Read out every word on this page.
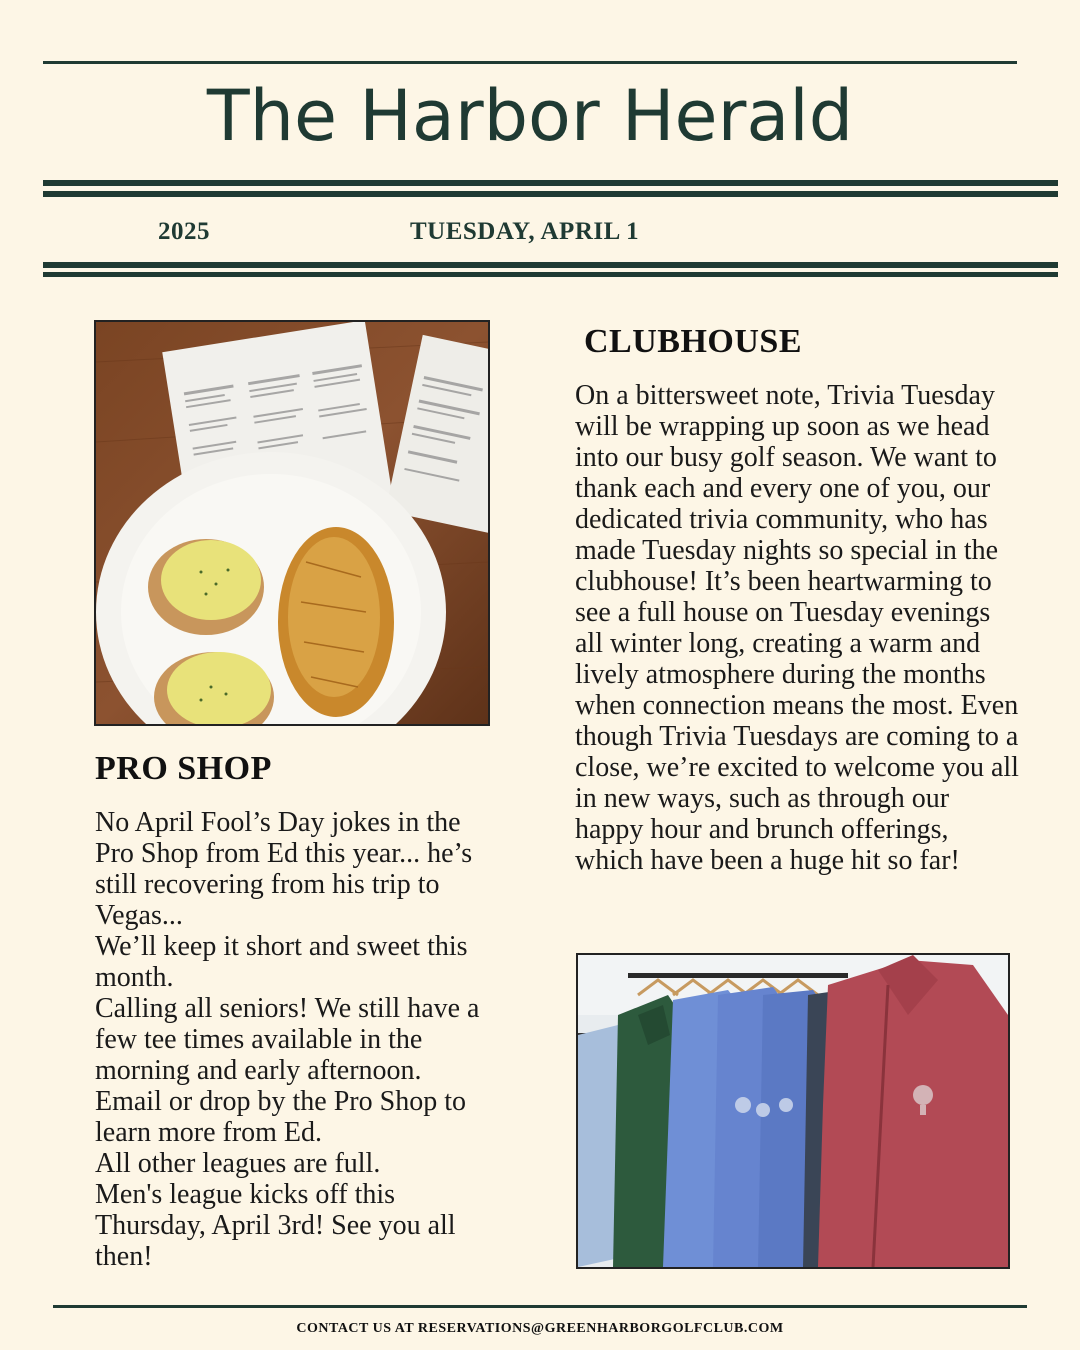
The Harbor Herald
2025	TUESDAY, APRIL 1
PRO SHOP

No April Fool’s Day jokes in the Pro Shop from Ed this year... he’s still recovering from his trip to Vegas...

We’ll keep it short and sweet this month.

Calling all seniors! We still have a few tee times available in the morning and early afternoon. Email or drop by the Pro Shop to learn more from Ed.

All other leagues are full.

Men's league kicks off this Thursday, April 3rd! See you all then!

CLUBHOUSE

On a bittersweet note, Trivia Tuesday will be wrapping up soon as we head into our busy golf season. We want to thank each and every one of you, our dedicated trivia community, who has made Tuesday nights so special in the clubhouse! It’s been heartwarming to see a full house on Tuesday evenings all winter long, creating a warm and lively atmosphere during the months when connection means the most. Even though Trivia Tuesdays are coming to a close, we’re excited to welcome you all in new ways, such as through our happy hour and brunch offerings, which have been a huge hit so far!

CONTACT US AT RESERVATIONS@GREENHARBORGOLFCLUB.COM
